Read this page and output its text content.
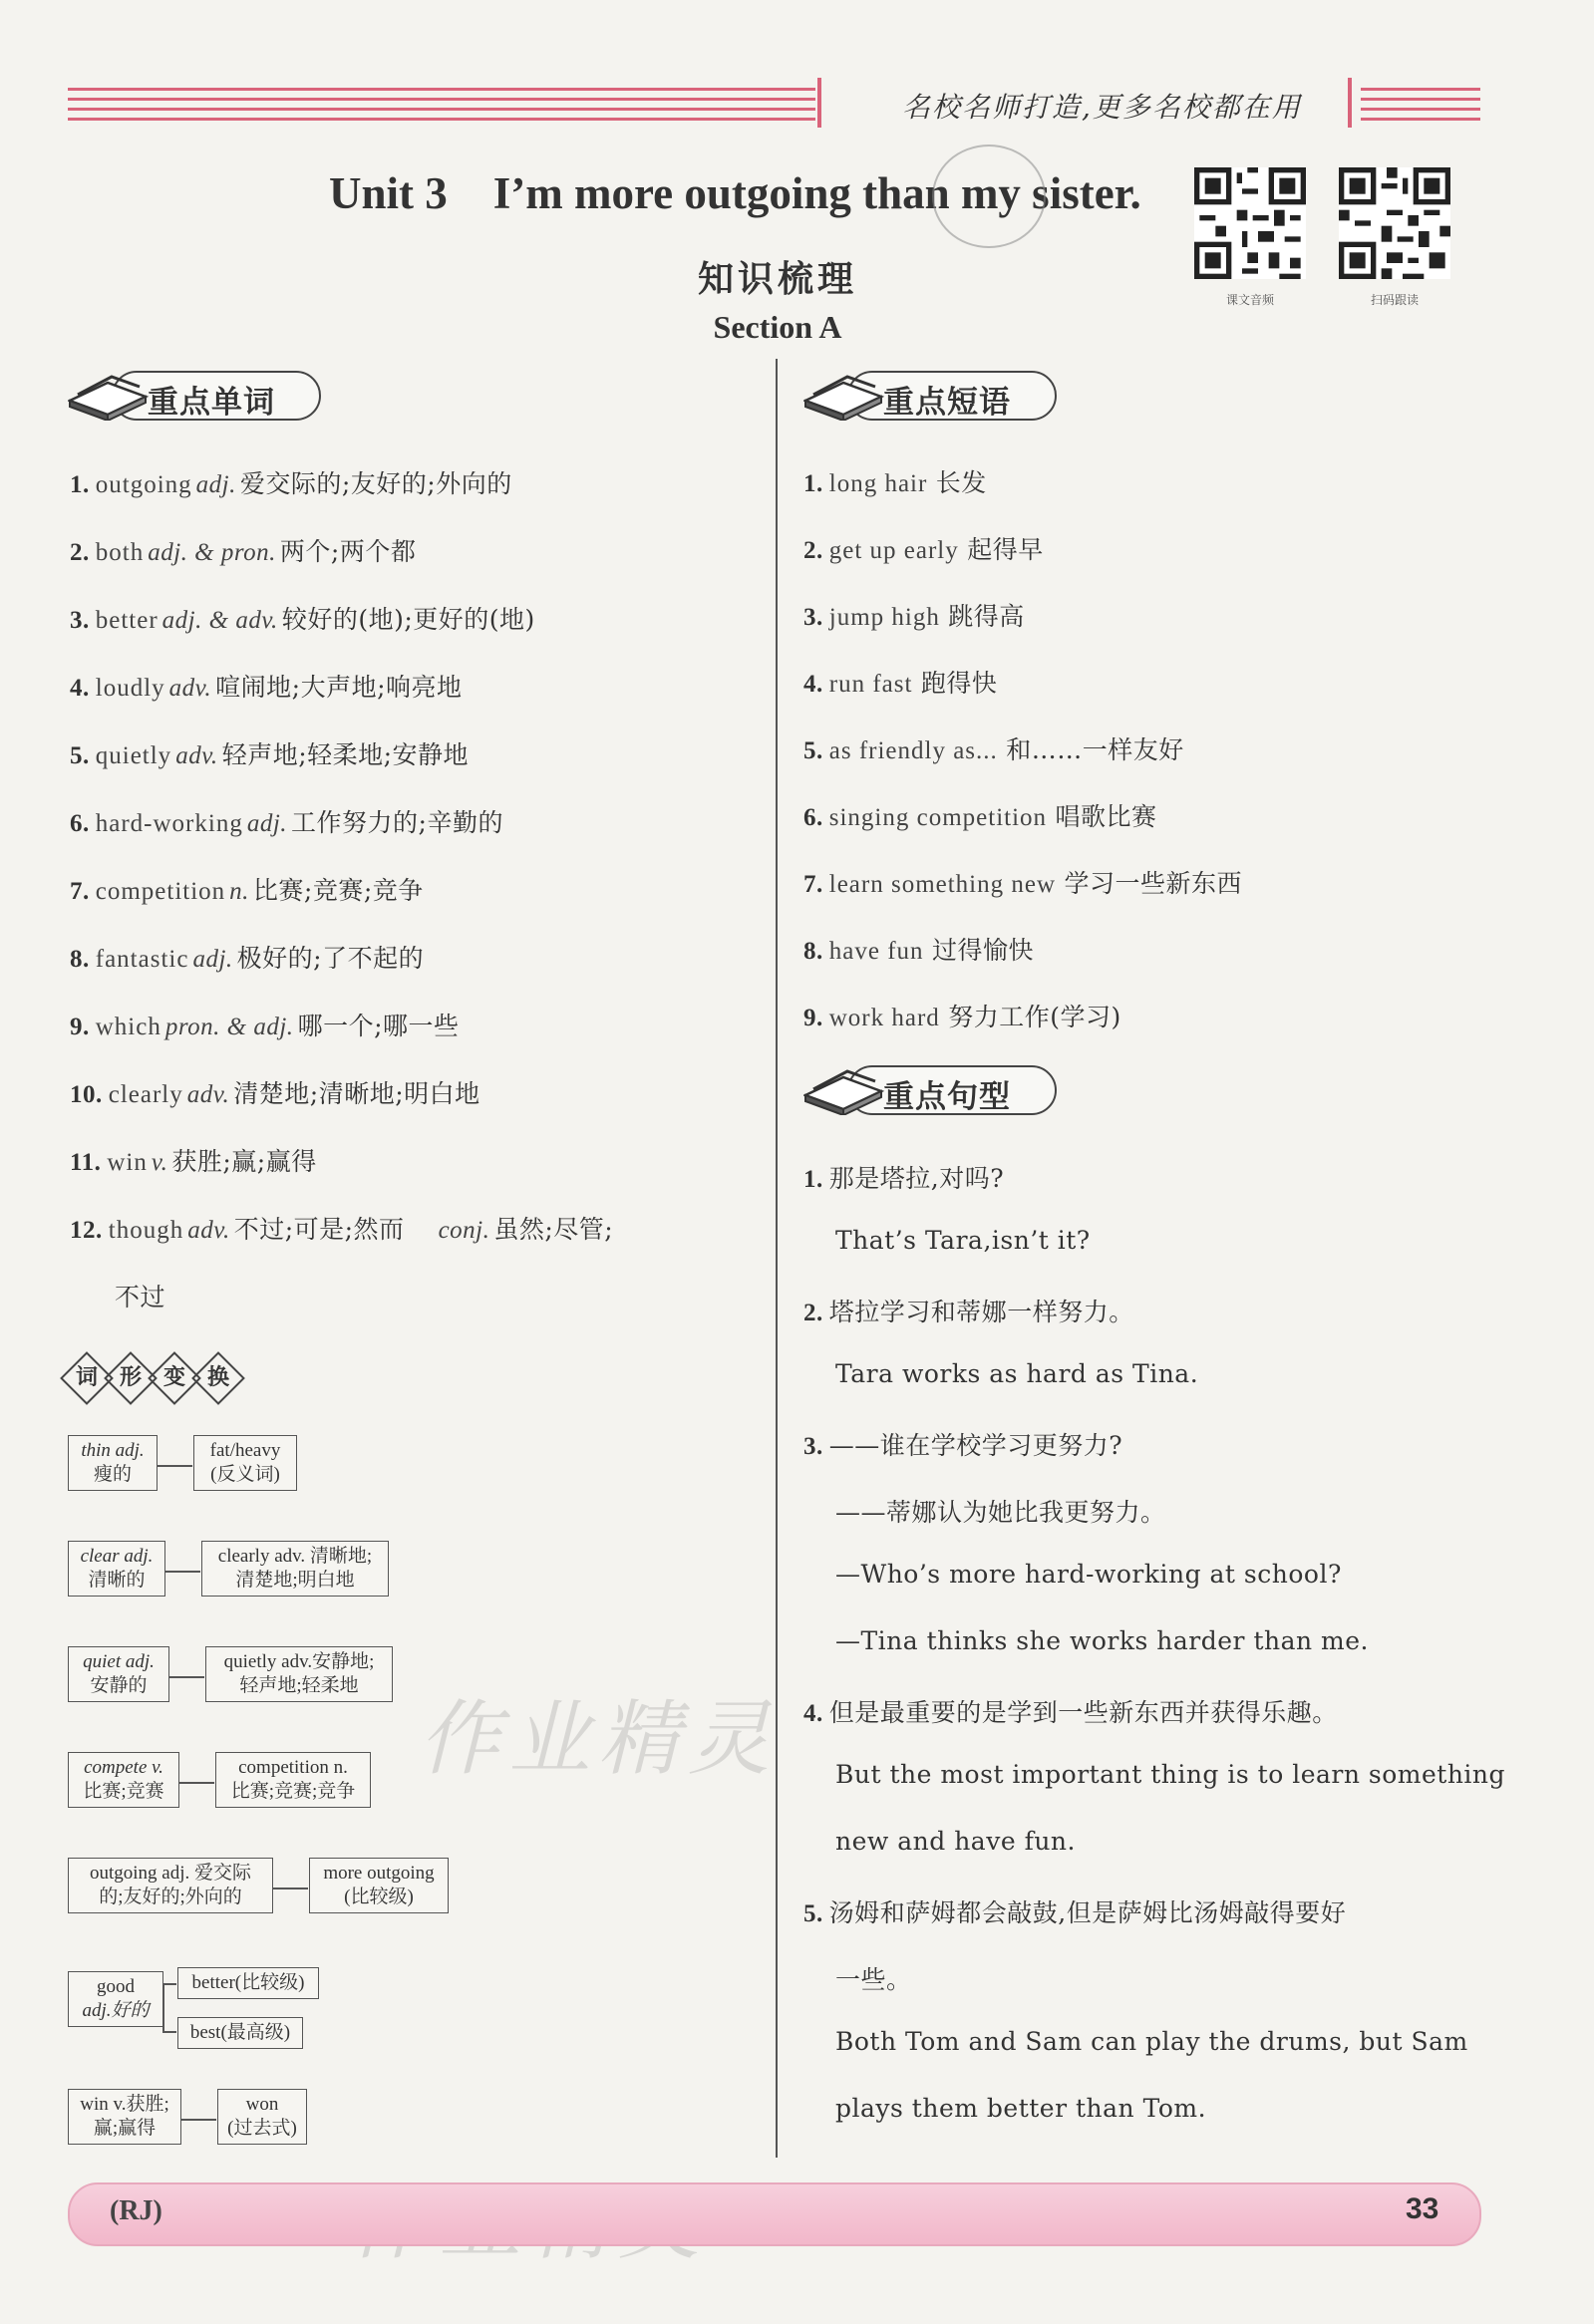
名校名师打造,更多名校都在用
Unit 3 I’m more outgoing than my sister.
知识梳理
Section A
课文音频	扫码跟读
重点单词
1. outgoing adj. 爱交际的;友好的;外向的
2. both adj. & pron. 两个;两个都
3. better adj. & adv. 较好的(地);更好的(地)
4. loudly adv. 喧闹地;大声地;响亮地
5. quietly adv. 轻声地;轻柔地;安静地
6. hard-working adj. 工作努力的;辛勤的
7. competition n. 比赛;竞赛;竞争
8. fantastic adj. 极好的;了不起的
9. which pron. & adj. 哪一个;哪一些
10. clearly adv. 清楚地;清晰地;明白地
11. win v. 获胜;赢;赢得
12. though adv. 不过;可是;然而 conj. 虽然;尽管;
不过
词 形 变 换
thin adj.
瘦的
fat/heavy
(反义词)
clear adj.
清晰的
clearly adv. 清晰地;
清楚地;明白地
quiet adj.
安静的
quietly adv.安静地;
轻声地;轻柔地
compete v.
比赛;竞赛
competition n.
比赛;竞赛;竞争
outgoing adj. 爱交际
的;友好的;外向的
more outgoing
(比较级)
good
adj.好的
better(比较级)
best(最高级)
win v.获胜;
赢;赢得
won
(过去式)
重点短语
1. long hair 长发
2. get up early 起得早
3. jump high 跳得高
4. run fast 跑得快
5. as friendly as... 和……一样友好
6. singing competition 唱歌比赛
7. learn something new 学习一些新东西
8. have fun 过得愉快
9. work hard 努力工作(学习)
重点句型
1. 那是塔拉,对吗?
That’s Tara,isn’t it?
2. 塔拉学习和蒂娜一样努力。
Tara works as hard as Tina.
3. ——谁在学校学习更努力?
——蒂娜认为她比我更努力。
—Who’s more hard-working at school?
—Tina thinks she works harder than me.
4. 但是最重要的是学到一些新东西并获得乐趣。
But the most important thing is to learn something
new and have fun.
5. 汤姆和萨姆都会敲鼓,但是萨姆比汤姆敲得要好
一些。
Both Tom and Sam can play the drums, but Sam
plays them better than Tom.
作业精灵
(RJ)	33
